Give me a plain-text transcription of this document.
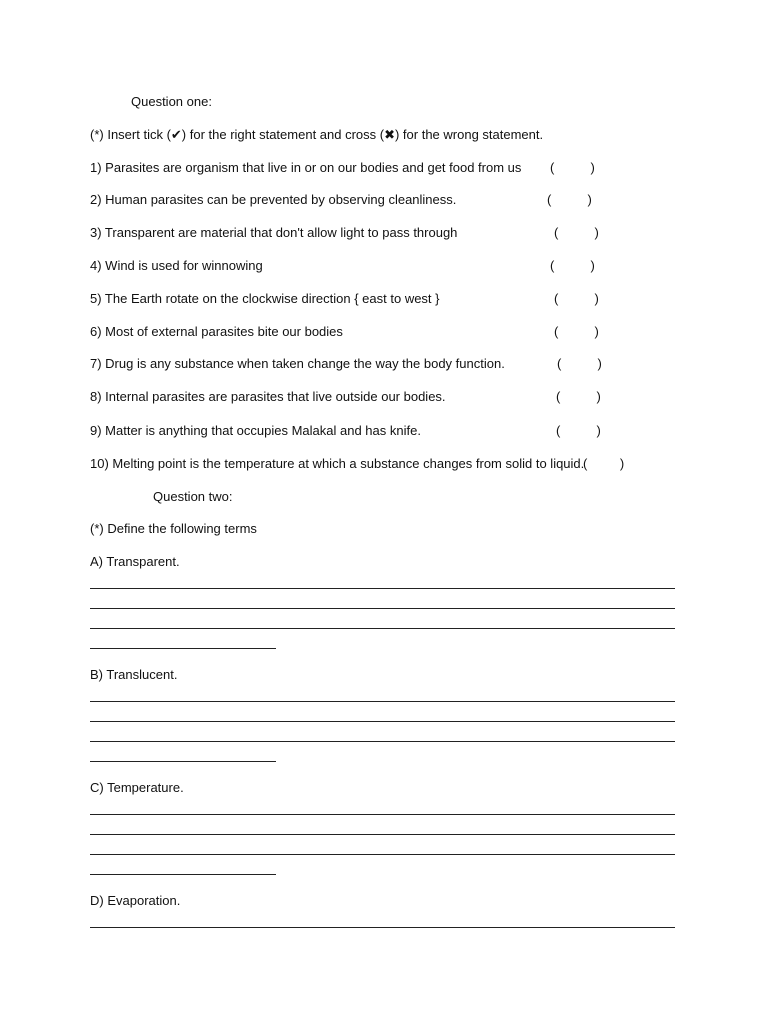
Question one:
(*) Insert tick (✔) for the right statement and cross (✖) for the wrong statement.
1) Parasites are organism that live in or on our bodies and get food from us (          )
2) Human parasites can be prevented by observing cleanliness.	(          )
3) Transparent are material that don't allow light to pass through	(          )
4) Wind is used for winnowing	(          )
5) The Earth rotate on the clockwise direction { east to west }	(          )
6) Most of external parasites bite our bodies	(          )
7) Drug is any substance when taken change the way the body function.	(          )
8) Internal parasites are parasites that live outside our bodies.	(          )
9) Matter is anything that occupies Malakal and has knife.	(          )
10) Melting point is the temperature at which a substance changes from solid to liquid.
(         )
Question two:
(*) Define the following terms
A) Transparent.
B) Translucent.
C) Temperature.
D) Evaporation.
